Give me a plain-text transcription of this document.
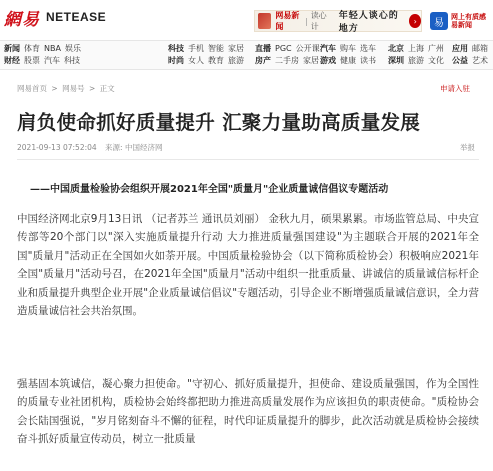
網易 NETEASE	网易新闻
|
读心计
年轻人谈心的地方
›	易
网上有质感
易新闻
新闻 体育 NBA 娱乐
财经 股票 汽车 科技
科技 手机 智能 家居
时尚 女人 教育 旅游
直播 PGC 公开课
房产 二手房 家居
汽车 购车 选车
游戏 健康 读书
北京 上海 广州
深圳 旅游 文化
应用 邮箱
公益 艺术
网易首页 > 网易号 > 正文	申请入驻
肩负使命抓好质量提升 汇聚力量助高质量发展
2021-09-13 07:52:04 来源: 中国经济网	举报
——中国质量检验协会组织开展2021年全国"质量月"企业质量诚信倡议专题活动

中国经济网北京9月13日讯 （记者苏兰 通讯员刘丽） 金秋九月，硕果累累。市场监管总局、中央宣传部等20个部门以"深入实施质量提升行动 大力推进质量强国建设"为主题联合开展的2021年全国"质量月"活动正在全国如火如荼开展。中国质量检验协会（以下简称质检协会）积极响应2021年全国"质量月"活动号召，在2021年全国"质量月"活动中组织一批重质量、讲诚信的质量诚信标杆企业和质量提升典型企业开展"企业质量诚信倡议"专题活动，引导企业不断增强质量诚信意识，全力营造质量诚信社会共治氛围。

强基固本筑诚信，凝心聚力担使命。"守初心、抓好质量提升，担使命、建设质量强国，作为全国性的质量专业社团机构，质检协会始终都把助力推进高质量发展作为应该担负的职责使命。"质检协会会长陆国强说，"岁月铭刻奋斗不懈的征程，时代印证质量提升的脚步，此次活动就是质检协会接续奋斗抓好质量宣传动员，树立一批质量
